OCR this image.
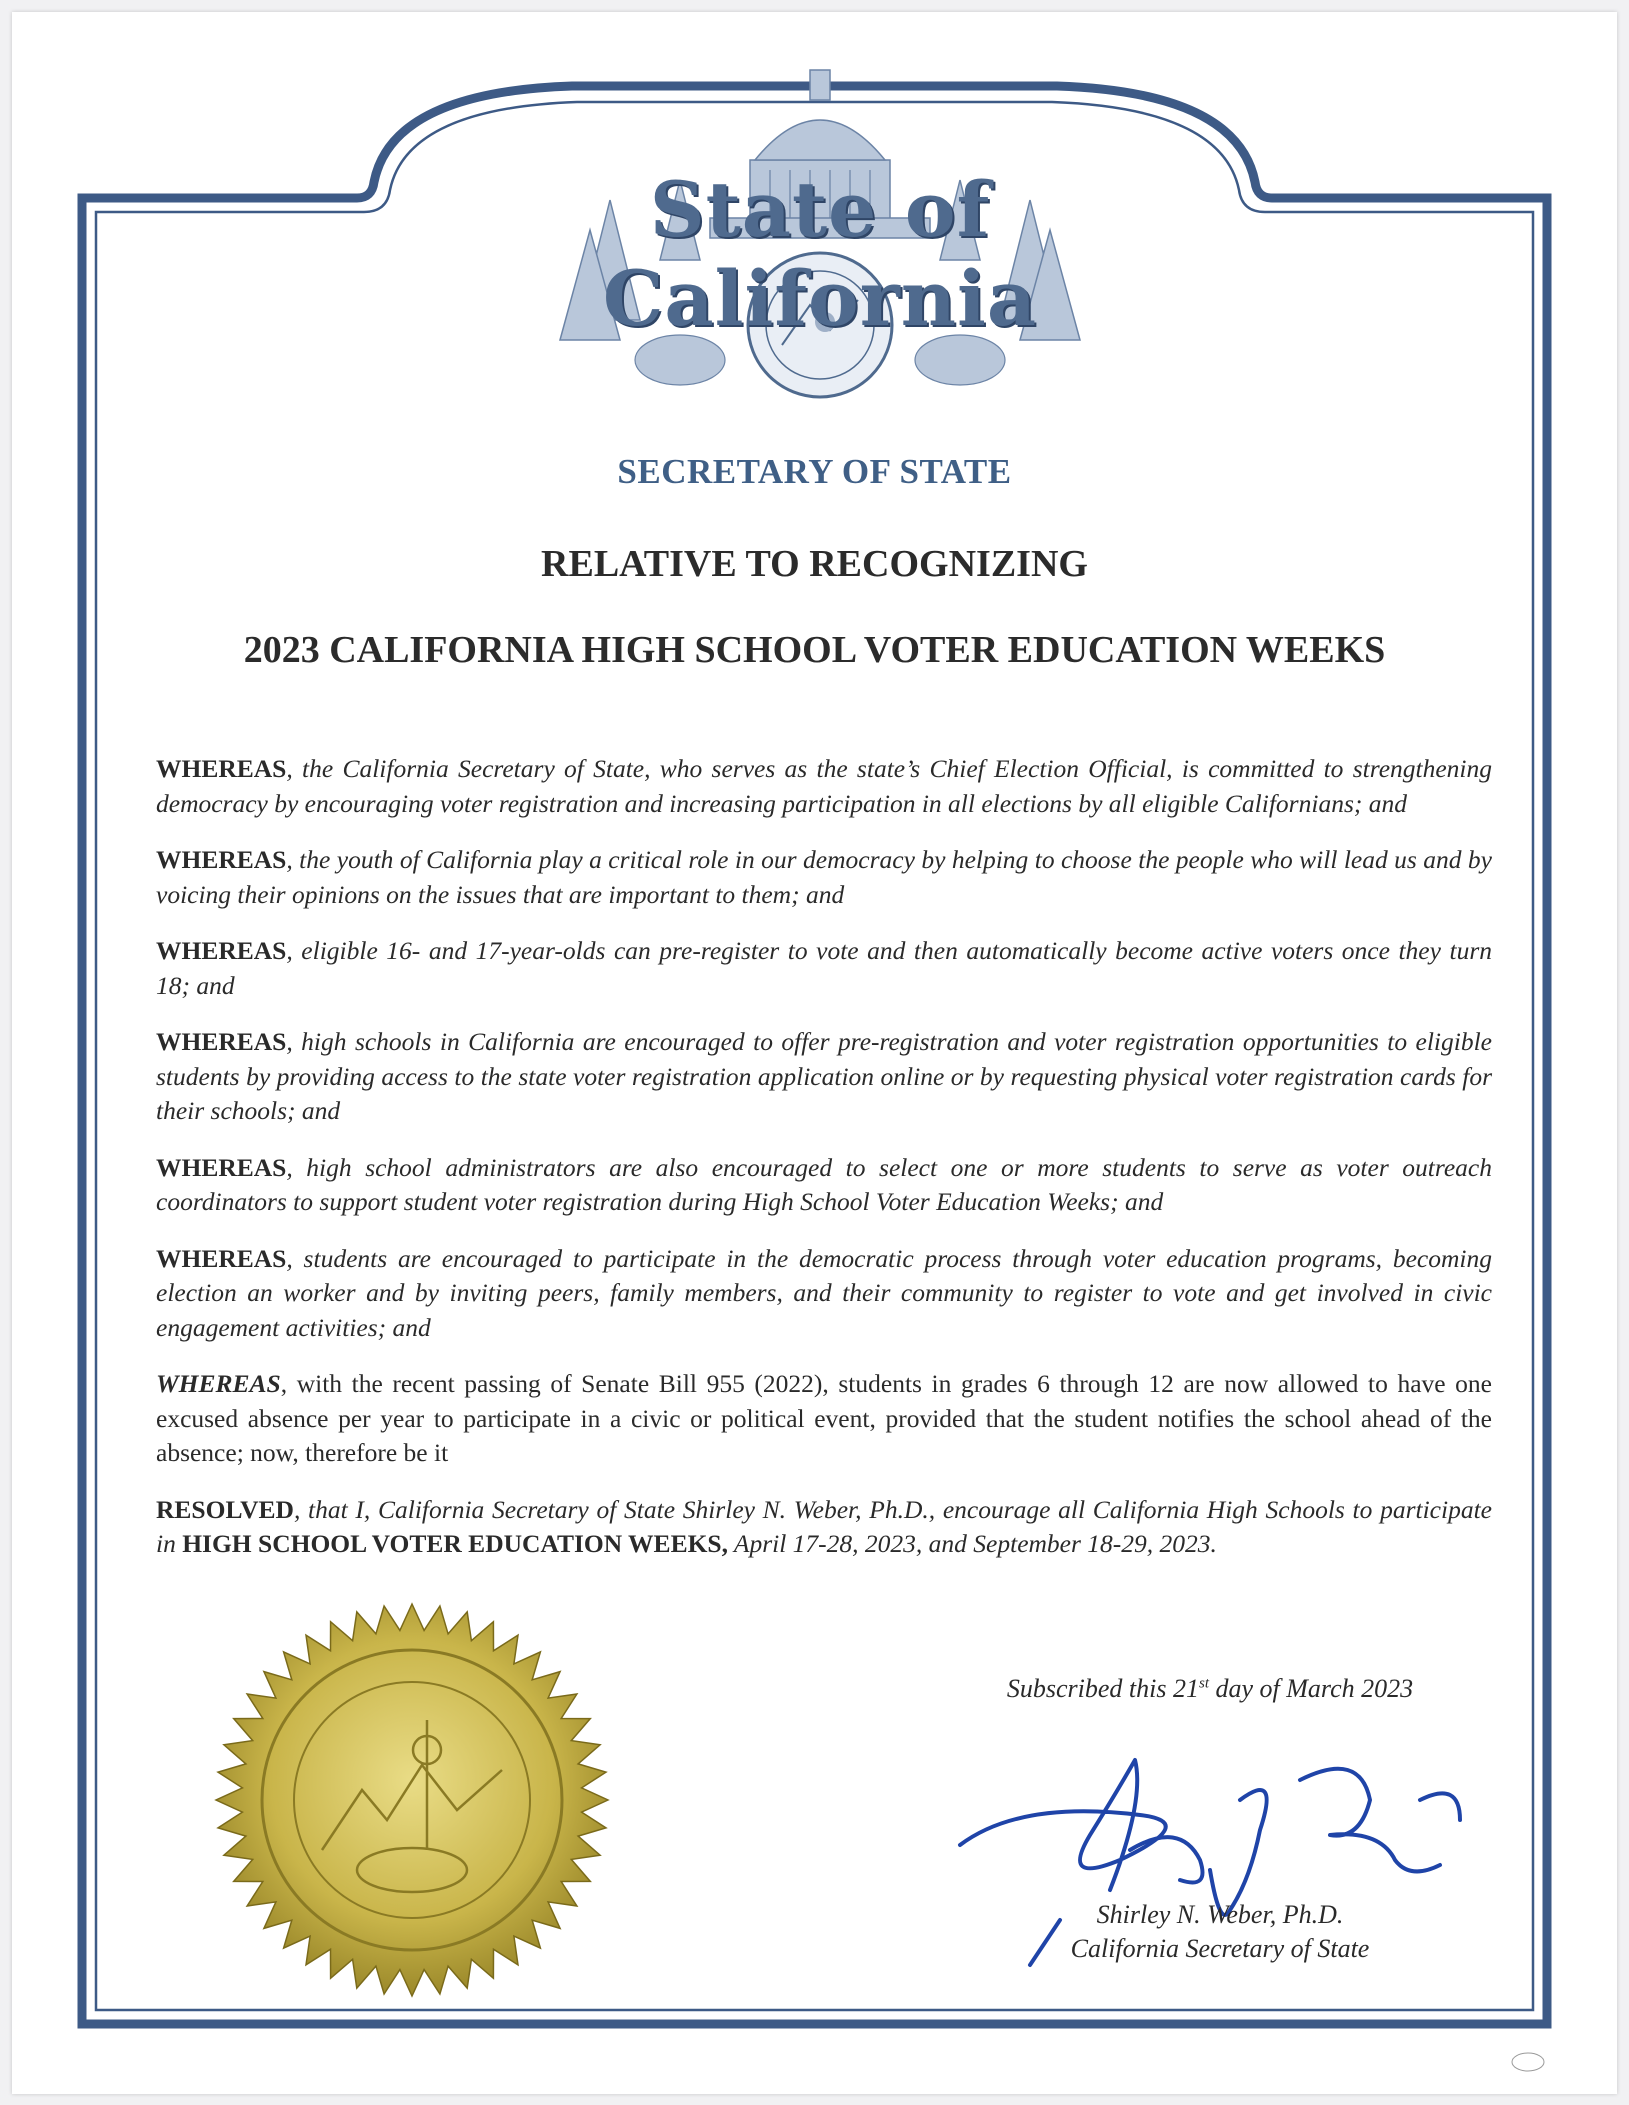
State of California
SECRETARY OF STATE
RELATIVE TO RECOGNIZING
2023 CALIFORNIA HIGH SCHOOL VOTER EDUCATION WEEKS

WHEREAS, the California Secretary of State, who serves as the state’s Chief Election Official, is committed to strengthening democracy by encouraging voter registration and increasing participation in all elections by all eligible Californians; and

WHEREAS, the youth of California play a critical role in our democracy by helping to choose the people who will lead us and by voicing their opinions on the issues that are important to them; and

WHEREAS, eligible 16- and 17-year-olds can pre-register to vote and then automatically become active voters once they turn 18; and

WHEREAS, high schools in California are encouraged to offer pre-registration and voter registration opportunities to eligible students by providing access to the state voter registration application online or by requesting physical voter registration cards for their schools; and

WHEREAS, high school administrators are also encouraged to select one or more students to serve as voter outreach coordinators to support student voter registration during High School Voter Education Weeks; and

WHEREAS, students are encouraged to participate in the democratic process through voter education programs, becoming election an worker and by inviting peers, family members, and their community to register to vote and get involved in civic engagement activities; and

WHEREAS, with the recent passing of Senate Bill 955 (2022), students in grades 6 through 12 are now allowed to have one excused absence per year to participate in a civic or political event, provided that the student notifies the school ahead of the absence; now, therefore be it

RESOLVED, that I, California Secretary of State Shirley N. Weber, Ph.D., encourage all California High Schools to participate in HIGH SCHOOL VOTER EDUCATION WEEKS, April 17-28, 2023, and September 18-29, 2023.

Subscribed this 21st day of March 2023
Shirley N. Weber, Ph.D.
California Secretary of State
